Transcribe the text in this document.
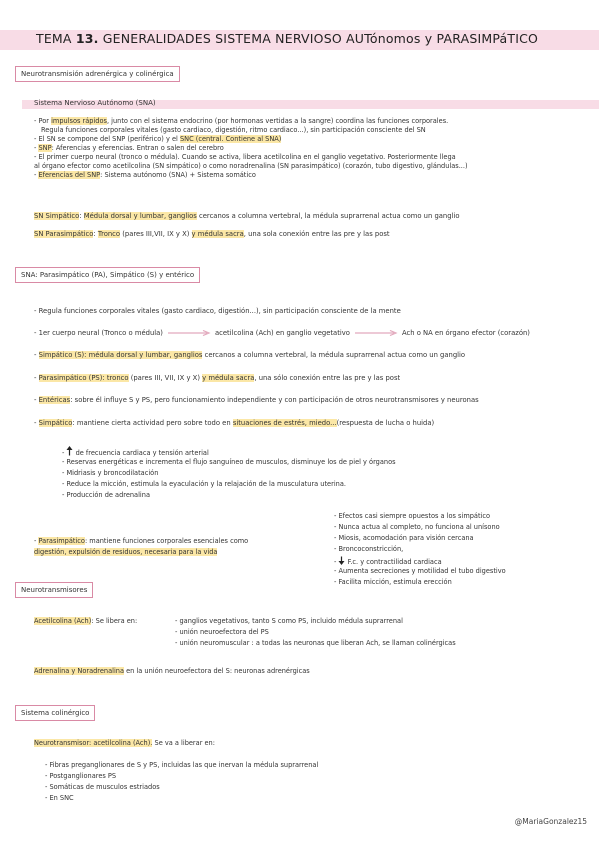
TEMA 13. GENERALIDADES SISTEMA NERVIOSO AUTónomos y PARASIMPáTICO
Neurotransmisión adrenérgica y colinérgica
Sistema Nervioso Autónomo (SNA)
- Por impulsos rápidos, junto con el sistema endocrino (por hormonas vertidas a la sangre) coordina las funciones corporales.
Regula funciones corporales vitales (gasto cardiaco, digestión, ritmo cardiaco...), sin participación consciente del SN
- El SN se compone del SNP (periférico) y el SNC (central. Contiene al SNA)
- SNP: Aferencias y eferencias. Entran o salen del cerebro
- El primer cuerpo neural (tronco o médula). Cuando se activa, libera acetilcolina en el ganglio vegetativo. Posteriormente llega
al órgano efector como acetilcolina (SN simpático) o como noradrenalina (SN parasimpático) (corazón, tubo digestivo, glándulas...)
- Eferencias del SNP: Sistema autónomo (SNA) + Sistema somático
SN Simpático: Médula dorsal y lumbar, ganglios cercanos a columna vertebral, la médula suprarrenal actua como un ganglio
SN Parasimpático: Tronco (pares III,VII, IX y X) y médula sacra, una sola conexión entre las pre y las post
SNA: Parasimpático (PA), Simpático (S) y entérico
- Regula funciones corporales vitales (gasto cardiaco, digestión...), sin participación consciente de la mente
- 1er cuerpo neural (Tronco o médula)	acetilcolina (Ach) en ganglio vegetativo	Ach o NA en órgano efector (corazón)
- Simpático (S): médula dorsal y lumbar, ganglios cercanos a columna vertebral, la médula suprarrenal actua como un ganglio
- Parasimpático (PS): tronco (pares III, VII, IX y X) y médula sacra, una sólo conexión entre las pre y las post
- Entéricas: sobre él influye S y PS, pero funcionamiento independiente y con participación de otros neurotransmisores y neuronas
- Simpático: mantiene cierta actividad pero sobre todo en situaciones de estrés, miedo...(respuesta de lucha o huida)
-  de frecuencia cardiaca y tensión arterial
- Reservas energéticas e incrementa el flujo sanguíneo de musculos, disminuye los de piel y órganos
- Midriasis y broncodilatación
- Reduce la micción, estimula la eyaculación y la relajación de la musculatura uterina.
- Producción de adrenalina
- Efectos casi siempre opuestos a los simpático
- Nunca actua al completo, no funciona al unísono
- Miosis, acomodación para visión cercana
- Broncoconstricción,
-  F.c. y contractilidad cardiaca
- Aumenta secreciones y motilidad el tubo digestivo
- Facilita micción, estimula erección
- Parasimpático: mantiene funciones corporales esenciales como
digestión, expulsión de residuos, necesaria para la vida
Neurotransmisores
Acetilcolina (Ach): Se libera en:	- ganglios vegetativos, tanto S como PS, incluido médula suprarrenal
- unión neuroefectora del PS
- unión neuromuscular : a todas las neuronas que liberan Ach, se llaman colinérgicas
Adrenalina y Noradrenalina en la unión neuroefectora del S: neuronas adrenérgicas
Sistema colinérgico
Neurotransmisor: acetilcolina (Ach). Se va a liberar en:
- Fibras preganglionares de S y PS, incluidas las que inervan la médula suprarrenal
- Postganglionares PS
- Somáticas de musculos estriados
- En SNC
@MariaGonzalez15
